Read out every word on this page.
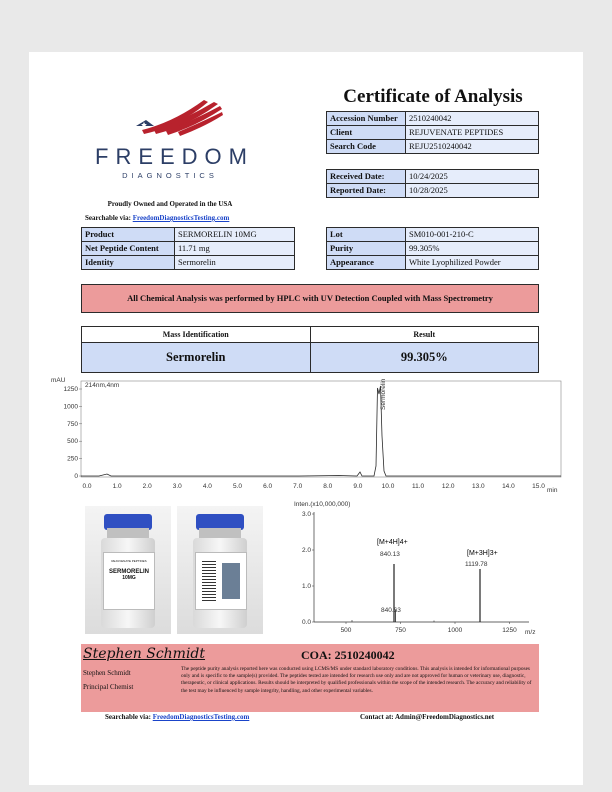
FREEDOM
DIAGNOSTICS
Proudly Owned and Operated in the USA
Searchable via: FreedomDiagnosticsTesting.com
Certificate of Analysis
Accession Number	2510240042
Client	REJUVENATE PEPTIDES
Search Code	REJU2510240042
Received Date:	10/24/2025
Reported Date:	10/28/2025
Product	SERMORELIN 10MG
Net Peptide Content	11.71 mg
Identity	Sermorelin
Lot	SM010-001-210-C
Purity	99.305%
Appearance	White Lyophilized Powder
All Chemical Analysis was performed by HPLC with UV Detection Coupled with Mass Spectrometry
Mass Identification	Result
Sermorelin	99.305%
mAU
214nm,4nm
0
250
500
750
1000
1250
0.0	1.0	2.0	3.0	4.0	5.0	6.0	7.0	8.0	9.0	10.0	11.0	12.0	13.0	14.0	15.0
Sermorelin
min
REJUVENATE PEPTIDES
SERMORELIN
10MG
Inten.(x10,000,000)
0.0
1.0
2.0
3.0
500	750	1000	1250
[M+4H]4+
[M+3H]3+
840.13
1119.78
840.63
m/z
Stephen Schmidt	COA: 2510240042
Stephen Schmidt
Principal Chemist
The peptide purity analysis reported here was conducted using LCMS/MS under standard laboratory conditions. This analysis is intended for informational purposes only and is specific to the sample(s) provided. The peptides tested are intended for research use only and are not approved for human or veterinary use, diagnostic, therapeutic, or clinical applications. Results should be interpreted by qualified professionals within the scope of the intended research. The accuracy and reliability of the test may be influenced by sample integrity, handling, and other experimental variables.
Searchable via: FreedomDiagnosticsTesting.com	Contact at: Admin@FreedomDiagnostics.net
